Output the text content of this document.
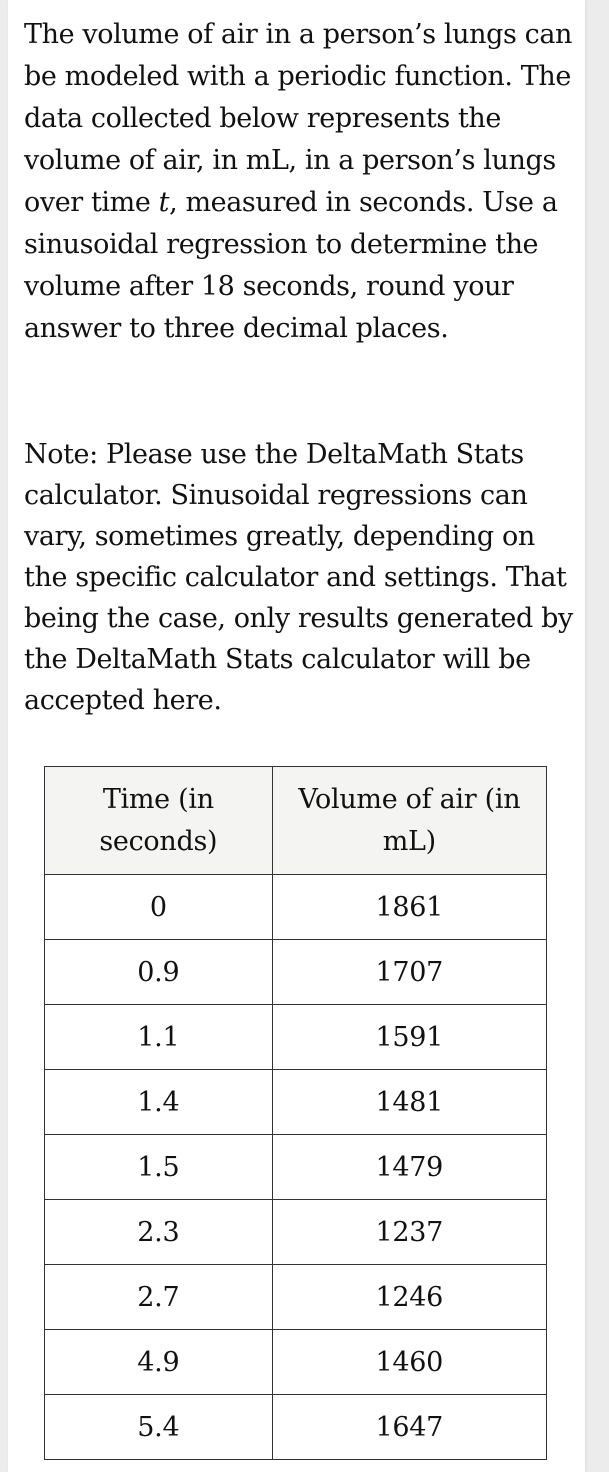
The volume of air in a person’s lungs can be modeled with a periodic function. The data collected below represents the volume of air, in mL, in a person’s lungs over time t, measured in seconds. Use a sinusoidal regression to determine the volume after 18 seconds, round your answer to three decimal places.

Note: Please use the DeltaMath Stats calculator. Sinusoidal regressions can vary, sometimes greatly, depending on the specific calculator and settings. That being the case, only results generated by the DeltaMath Stats calculator will be accepted here.

Time (in seconds)	Volume of air (in mL)
0	1861
0.9	1707
1.1	1591
1.4	1481
1.5	1479
2.3	1237
2.7	1246
4.9	1460
5.4	1647
